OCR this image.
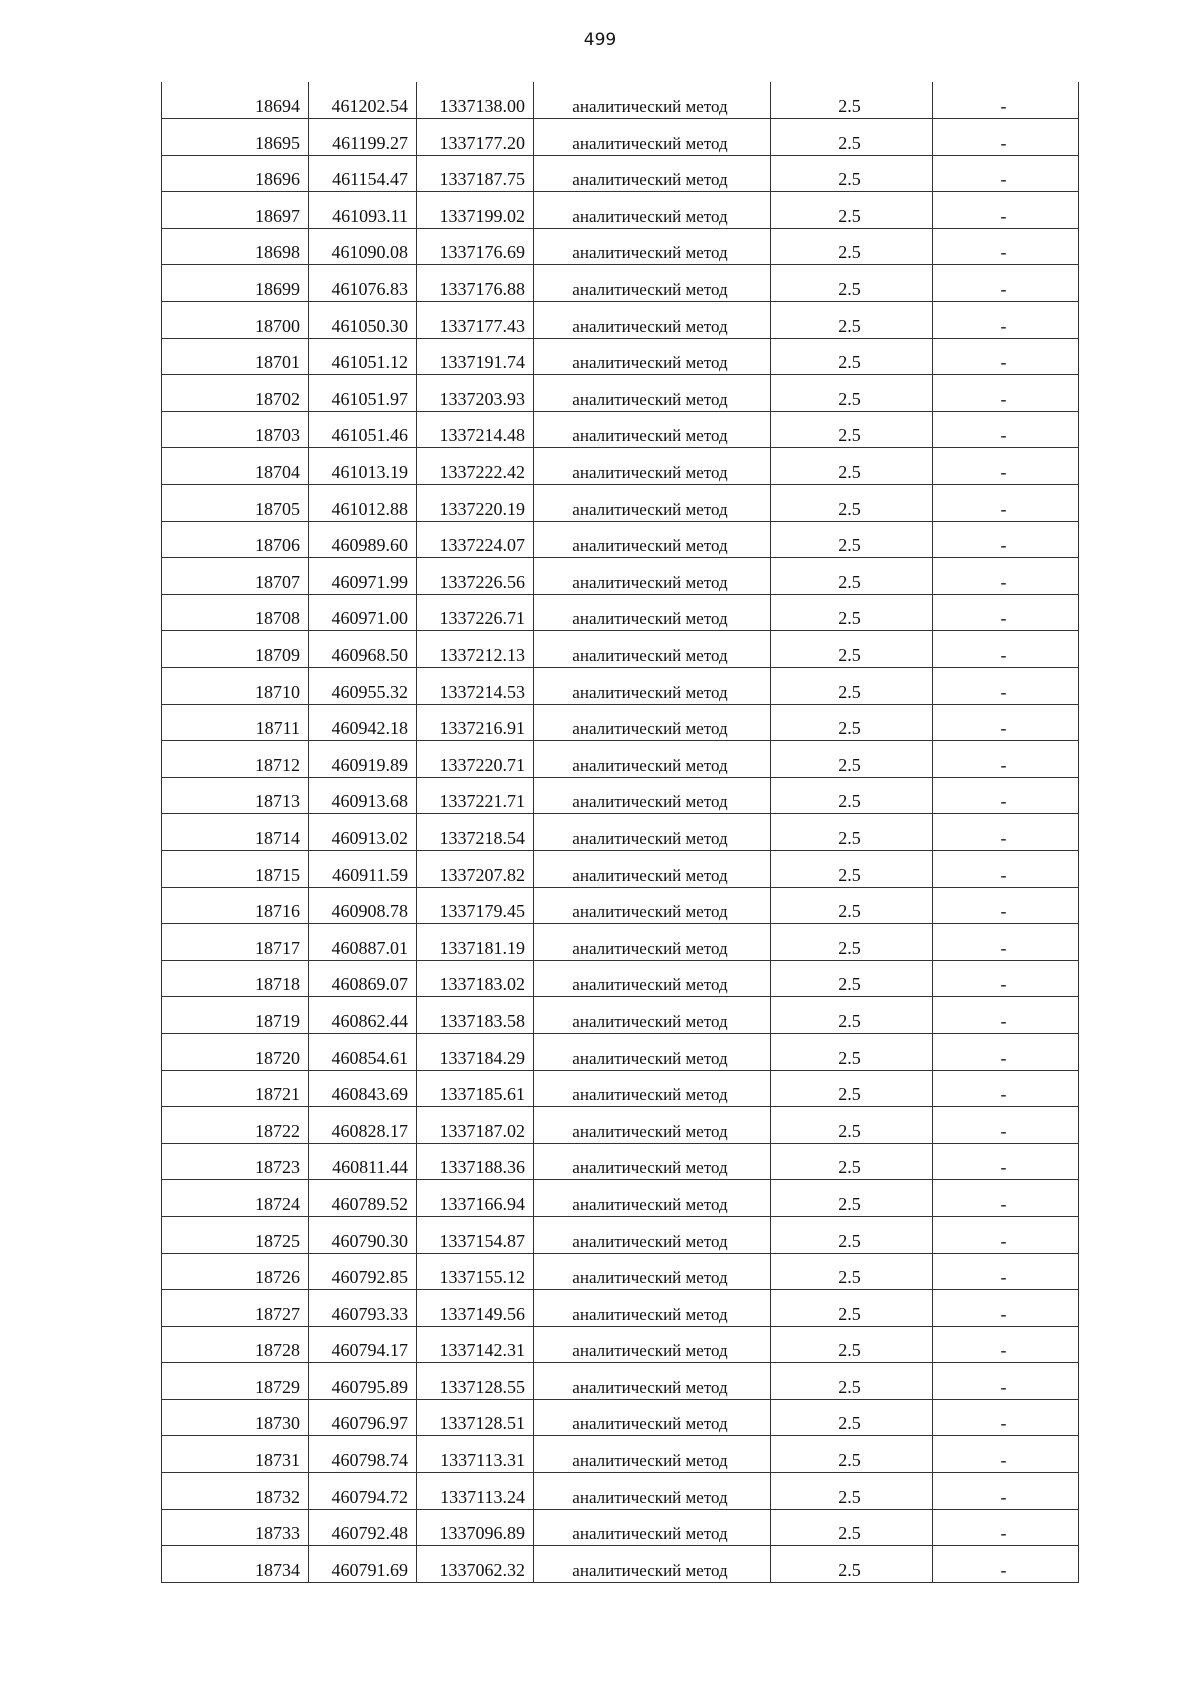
499
18694	461202.54	1337138.00	аналитический метод	2.5	-
18695	461199.27	1337177.20	аналитический метод	2.5	-
18696	461154.47	1337187.75	аналитический метод	2.5	-
18697	461093.11	1337199.02	аналитический метод	2.5	-
18698	461090.08	1337176.69	аналитический метод	2.5	-
18699	461076.83	1337176.88	аналитический метод	2.5	-
18700	461050.30	1337177.43	аналитический метод	2.5	-
18701	461051.12	1337191.74	аналитический метод	2.5	-
18702	461051.97	1337203.93	аналитический метод	2.5	-
18703	461051.46	1337214.48	аналитический метод	2.5	-
18704	461013.19	1337222.42	аналитический метод	2.5	-
18705	461012.88	1337220.19	аналитический метод	2.5	-
18706	460989.60	1337224.07	аналитический метод	2.5	-
18707	460971.99	1337226.56	аналитический метод	2.5	-
18708	460971.00	1337226.71	аналитический метод	2.5	-
18709	460968.50	1337212.13	аналитический метод	2.5	-
18710	460955.32	1337214.53	аналитический метод	2.5	-
18711	460942.18	1337216.91	аналитический метод	2.5	-
18712	460919.89	1337220.71	аналитический метод	2.5	-
18713	460913.68	1337221.71	аналитический метод	2.5	-
18714	460913.02	1337218.54	аналитический метод	2.5	-
18715	460911.59	1337207.82	аналитический метод	2.5	-
18716	460908.78	1337179.45	аналитический метод	2.5	-
18717	460887.01	1337181.19	аналитический метод	2.5	-
18718	460869.07	1337183.02	аналитический метод	2.5	-
18719	460862.44	1337183.58	аналитический метод	2.5	-
18720	460854.61	1337184.29	аналитический метод	2.5	-
18721	460843.69	1337185.61	аналитический метод	2.5	-
18722	460828.17	1337187.02	аналитический метод	2.5	-
18723	460811.44	1337188.36	аналитический метод	2.5	-
18724	460789.52	1337166.94	аналитический метод	2.5	-
18725	460790.30	1337154.87	аналитический метод	2.5	-
18726	460792.85	1337155.12	аналитический метод	2.5	-
18727	460793.33	1337149.56	аналитический метод	2.5	-
18728	460794.17	1337142.31	аналитический метод	2.5	-
18729	460795.89	1337128.55	аналитический метод	2.5	-
18730	460796.97	1337128.51	аналитический метод	2.5	-
18731	460798.74	1337113.31	аналитический метод	2.5	-
18732	460794.72	1337113.24	аналитический метод	2.5	-
18733	460792.48	1337096.89	аналитический метод	2.5	-
18734	460791.69	1337062.32	аналитический метод	2.5	-
